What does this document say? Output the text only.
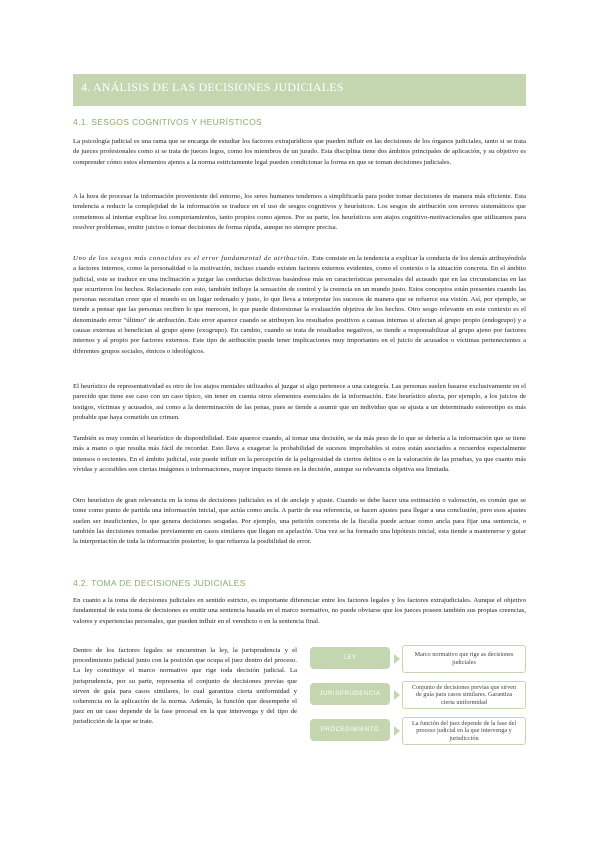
4. ANÁLISIS DE LAS DECISIONES JUDICIALES
4.1. SESGOS COGNITIVOS Y HEURÍSTICOS

La psicología judicial es una rama que se encarga de estudiar los factores extrajurídicos que pueden influir en las decisiones de los órganos judiciales, tanto si se trata de jueces profesionales como si se trata de jueces legos, como los miembros de un jurado. Esta disciplina tiene dos ámbitos principales de aplicación, y su objetivo es comprender cómo estos elementos ajenos a la norma estrictamente legal pueden condicionar la forma en que se toman decisiones judiciales.

A la hora de procesar la información proveniente del entorno, los seres humanos tendemos a simplificarla para poder tomar decisiones de manera más eficiente. Esta tendencia a reducir la complejidad de la información se traduce en el uso de sesgos cognitivos y heurísticos. Los sesgos de atribución son errores sistemáticos que cometemos al intentar explicar los comportamientos, tanto propios como ajenos. Por su parte, los heurísticos son atajos cognitivo-motivacionales que utilizamos para resolver problemas, emitir juicios o tomar decisiones de forma rápida, aunque no siempre precisa.

Uno de los sesgos más conocidos es el error fundamental de atribución. Este consiste en la tendencia a explicar la conducta de los demás atribuyéndola a factores internos, como la personalidad o la motivación, incluso cuando existen factores externos evidentes, como el contexto o la situación concreta. En el ámbito judicial, este se traduce en una inclinación a juzgar las conductas delictivas basándose más en características personales del acusado que en las circunstancias en las que ocurrieron los hechos. Relacionado con esto, también influye la sensación de control y la creencia en un mundo justo. Estos conceptos están presentes cuando las personas necesitan creer que el mundo es un lugar ordenado y justo, lo que lleva a interpretar los sucesos de manera que se refuerce esa visión. Así, por ejemplo, se tiende a pensar que las personas reciben lo que merecen, lo que puede distorsionar la evaluación objetiva de los hechos. Otro sesgo relevante en este contexto es el denominado error "último" de atribución. Este error aparece cuando se atribuyen los resultados positivos a causas internas si afectan al grupo propio (endogrupo) y a causas externas si benefician al grupo ajeno (exogrupo). En cambio, cuando se trata de resultados negativos, se tiende a responsabilizar al grupo ajeno por factores internos y al propio por factores externos. Este tipo de atribución puede tener implicaciones muy importantes en el juicio de acusados o víctimas pertenecientes a diferentes grupos sociales, étnicos o ideológicos.

El heurístico de representatividad es otro de los atajos mentales utilizados al juzgar si algo pertenece a una categoría. Las personas suelen basarse exclusivamente en el parecido que tiene ese caso con un caso típico, sin tener en cuenta otros elementos esenciales de la información. Este heurístico afecta, por ejemplo, a los juicios de testigos, víctimas y acusados, así como a la determinación de las penas, pues se tiende a asumir que un individuo que se ajusta a un determinado estereotipo es más probable que haya cometido un crimen.

También es muy común el heurístico de disponibilidad. Este aparece cuando, al tomar una decisión, se da más peso de lo que se debería a la información que se tiene más a mano o que resulta más fácil de recordar. Esto lleva a exagerar la probabilidad de sucesos improbables si estos están asociados a recuerdos especialmente intensos o recientes. En el ámbito judicial, este puede influir en la percepción de la peligrosidad de ciertos delitos o en la valoración de las pruebas, ya que cuanto más vívidas y accesibles son ciertas imágenes o informaciones, mayor impacto tienen en la decisión, aunque su relevancia objetiva sea limitada.

Otro heurístico de gran relevancia en la toma de decisiones judiciales es el de anclaje y ajuste. Cuando se debe hacer una estimación o valoración, es común que se tome como punto de partida una información inicial, que actúa como ancla. A partir de esa referencia, se hacen ajustes para llegar a una conclusión, pero esos ajustes suelen ser insuficientes, lo que genera decisiones sesgadas. Por ejemplo, una petición concreta de la fiscalía puede actuar como ancla para fijar una sentencia, o también las decisiones tomadas previamente en casos similares que llegan en apelación. Una vez se ha formado una hipótesis inicial, esta tiende a mantenerse y guiar la interpretación de toda la información posterior, lo que refuerza la posibilidad de error.

4.2. TOMA DE DECISIONES JUDICIALES

En cuanto a la toma de decisiones judiciales en sentido estricto, es importante diferenciar entre los factores legales y los factores extrajudiciales. Aunque el objetivo fundamental de esta toma de decisiones es emitir una sentencia basada en el marco normativo, no puede obviarse que los jueces poseen también sus propias creencias, valores y experiencias personales, que pueden influir en el veredicto o en la sentencia final.

Dentro de los factores legales se encuentran la ley, la jurisprudencia y el procedimiento judicial junto con la posición que ocupa el juez dentro del proceso. La ley constituye el marco normativo que rige toda decisión judicial. La jurisprudencia, por su parte, representa el conjunto de decisiones previas que sirven de guía para casos similares, lo cual garantiza cierta uniformidad y coherencia en la aplicación de la norma. Además, la función que desempeñe el juez en un caso depende de la fase procesal en la que intervenga y del tipo de jurisdicción de la que se trate.

LEY	Marco normativo que rige as decisiones judiciales
JURISPRUDENCIA
Conjunto de decisiones previas que sirven de guía para casos similares. Garantiza cierta uniformidad
PROCEDIMIENTO
La función del juez depende de la fase del proceso judicial en la que intervenga y jurisdicción
